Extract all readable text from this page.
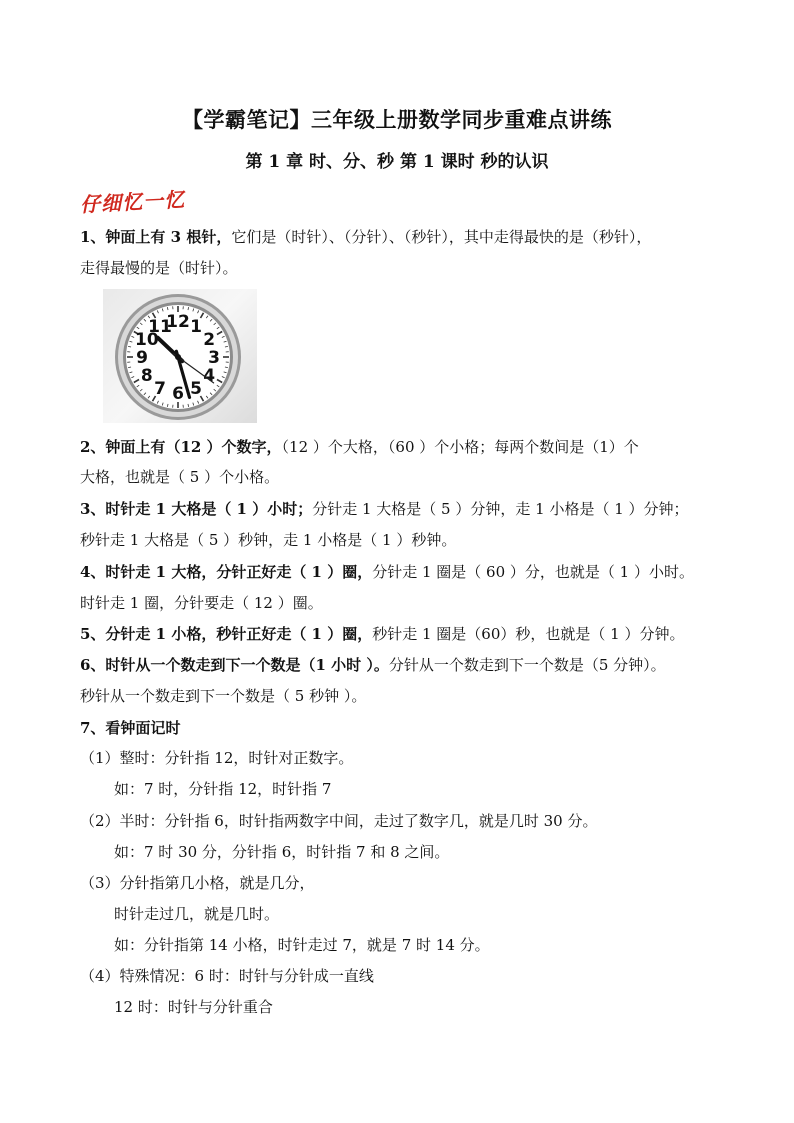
【学霸笔记】三年级上册数学同步重难点讲练
第 1 章 时、分、秒 第 1 课时 秒的认识
仔细忆一忆
1、钟面上有 3 根针，它们是（时针）、（分针）、（秒针），其中走得最快的是（秒针），
走得最慢的是（时针）。
12 1
2
3
4
5
6
7
8
9
10
11
2、钟面上有（12 ）个数字，（12 ）个大格，（60 ）个小格；每两个数间是（1）个
大格，也就是（ 5 ）个小格。
3、时针走 1 大格是（ 1 ）小时；分针走 1 大格是（ 5 ）分钟，走 1 小格是（ 1 ）分钟；
秒针走 1 大格是（ 5 ）秒钟，走 1 小格是（ 1 ）秒钟。
4、时针走 1 大格，分针正好走（ 1 ）圈，分针走 1 圈是（ 60 ）分，也就是（ 1 ）小时。
时针走 1 圈，分针要走（ 12 ）圈。
5、分针走 1 小格，秒针正好走（ 1 ）圈，秒针走 1 圈是（60）秒，也就是（ 1 ）分钟。
6、时针从一个数走到下一个数是（1 小时 ）。分针从一个数走到下一个数是（5 分钟）。
秒针从一个数走到下一个数是（ 5 秒钟 ）。
7、看钟面记时
（1）整时：分针指 12，时针对正数字。
如：7 时，分针指 12，时针指 7
（2）半时：分针指 6，时针指两数字中间，走过了数字几，就是几时 30 分。
如：7 时 30 分，分针指 6，时针指 7 和 8 之间。
（3）分针指第几小格，就是几分，
时针走过几，就是几时。
如：分针指第 14 小格，时针走过 7，就是 7 时 14 分。
（4）特殊情况：6 时：时针与分针成一直线
12 时：时针与分针重合
